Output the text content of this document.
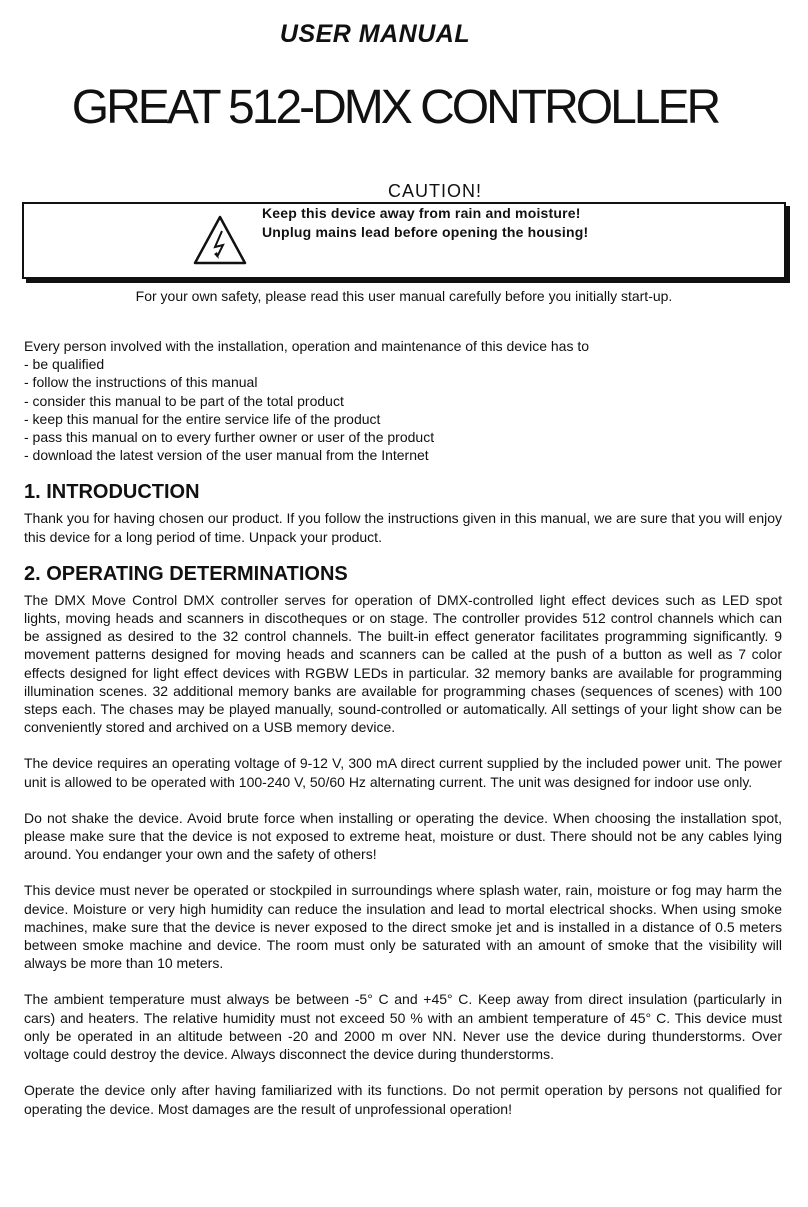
USER MANUAL
GREAT 512-DMX CONTROLLER
CAUTION!
Keep this device away from rain and moisture!
Unplug mains lead before opening the housing!
For your own safety, please read this user manual carefully before you initially start-up.

Every person involved with the installation, operation and maintenance of this device has to

- be qualified
- follow the instructions of this manual
- consider this manual to be part of the total product
- keep this manual for the entire service life of the product
- pass this manual on to every further owner or user of the product
- download the latest version of the user manual from the Internet
1. INTRODUCTION

Thank you for having chosen our product. If you follow the instructions given in this manual, we are sure that you will enjoy this device for a long period of time. Unpack your product.

2. OPERATING DETERMINATIONS

The DMX Move Control DMX controller serves for operation of DMX-controlled light effect devices such as LED spot lights, moving heads and scanners in discotheques or on stage. The controller provides 512 control channels which can be assigned as desired to the 32 control channels. The built-in effect generator facilitates programming significantly. 9 movement patterns designed for moving heads and scanners can be called at the push of a button as well as 7 color effects designed for light effect devices with RGBW LEDs in particular. 32 memory banks are available for programming illumination scenes. 32 additional memory banks are available for programming chases (sequences of scenes) with 100 steps each. The chases may be played manually, sound-controlled or automatically. All settings of your light show can be conveniently stored and archived on a USB memory device.

The device requires an operating voltage of 9-12 V, 300 mA direct current supplied by the included power unit. The power unit is allowed to be operated with 100-240 V, 50/60 Hz alternating current. The unit was designed for indoor use only.

Do not shake the device. Avoid brute force when installing or operating the device. When choosing the installation spot, please make sure that the device is not exposed to extreme heat, moisture or dust. There should not be any cables lying around. You endanger your own and the safety of others!

This device must never be operated or stockpiled in surroundings where splash water, rain, moisture or fog may harm the device. Moisture or very high humidity can reduce the insulation and lead to mortal electrical shocks. When using smoke machines, make sure that the device is never exposed to the direct smoke jet and is installed in a distance of 0.5 meters between smoke machine and device. The room must only be saturated with an amount of smoke that the visibility will always be more than 10 meters.

The ambient temperature must always be between -5° C and +45° C. Keep away from direct insulation (particularly in cars) and heaters. The relative humidity must not exceed 50 % with an ambient temperature of 45° C. This device must only be operated in an altitude between -20 and 2000 m over NN. Never use the device during thunderstorms. Over voltage could destroy the device. Always disconnect the device during thunderstorms.

Operate the device only after having familiarized with its functions. Do not permit operation by persons not qualified for operating the device. Most damages are the result of unprofessional operation!
